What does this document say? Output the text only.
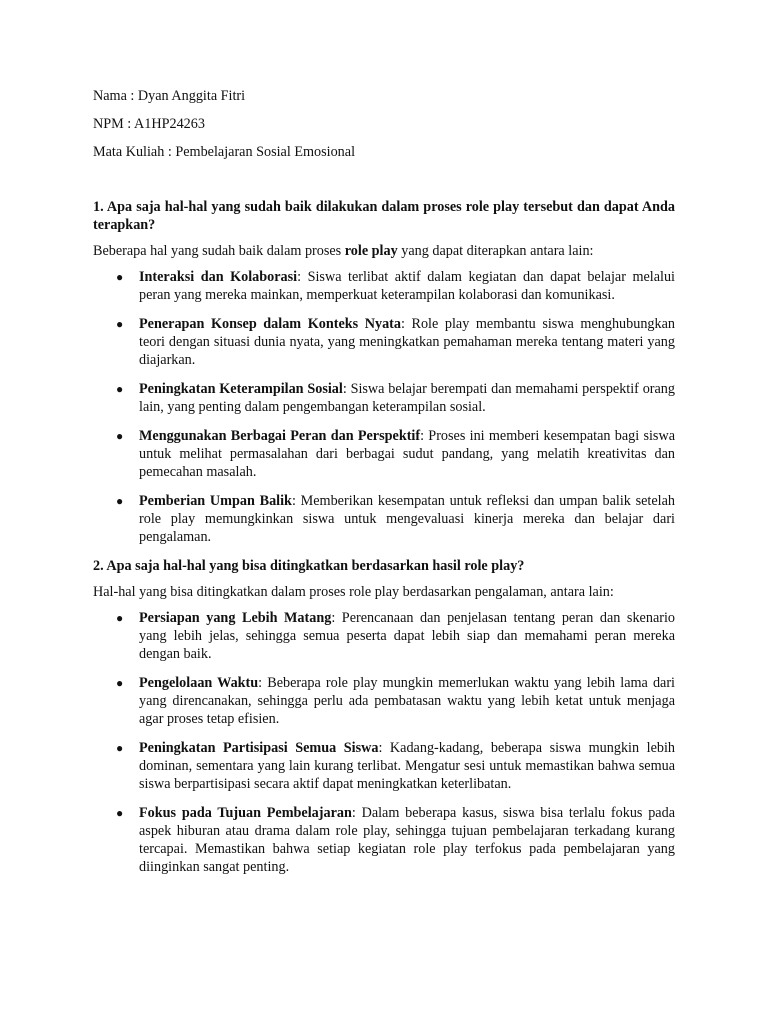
Nama : Dyan Anggita Fitri

NPM : A1HP24263

Mata Kuliah : Pembelajaran Sosial Emosional

1. Apa saja hal-hal yang sudah baik dilakukan dalam proses role play tersebut dan dapat Anda terapkan?

Beberapa hal yang sudah baik dalam proses role play yang dapat diterapkan antara lain:

● Interaksi dan Kolaborasi: Siswa terlibat aktif dalam kegiatan dan dapat belajar melalui peran yang mereka mainkan, memperkuat keterampilan kolaborasi dan komunikasi.
● Penerapan Konsep dalam Konteks Nyata: Role play membantu siswa menghubungkan teori dengan situasi dunia nyata, yang meningkatkan pemahaman mereka tentang materi yang diajarkan.
● Peningkatan Keterampilan Sosial: Siswa belajar berempati dan memahami perspektif orang lain, yang penting dalam pengembangan keterampilan sosial.
● Menggunakan Berbagai Peran dan Perspektif: Proses ini memberi kesempatan bagi siswa untuk melihat permasalahan dari berbagai sudut pandang, yang melatih kreativitas dan pemecahan masalah.
● Pemberian Umpan Balik: Memberikan kesempatan untuk refleksi dan umpan balik setelah role play memungkinkan siswa untuk mengevaluasi kinerja mereka dan belajar dari pengalaman.
2. Apa saja hal-hal yang bisa ditingkatkan berdasarkan hasil role play?

Hal-hal yang bisa ditingkatkan dalam proses role play berdasarkan pengalaman, antara lain:

● Persiapan yang Lebih Matang: Perencanaan dan penjelasan tentang peran dan skenario yang lebih jelas, sehingga semua peserta dapat lebih siap dan memahami peran mereka dengan baik.
● Pengelolaan Waktu: Beberapa role play mungkin memerlukan waktu yang lebih lama dari yang direncanakan, sehingga perlu ada pembatasan waktu yang lebih ketat untuk menjaga agar proses tetap efisien.
● Peningkatan Partisipasi Semua Siswa: Kadang-kadang, beberapa siswa mungkin lebih dominan, sementara yang lain kurang terlibat. Mengatur sesi untuk memastikan bahwa semua siswa berpartisipasi secara aktif dapat meningkatkan keterlibatan.
● Fokus pada Tujuan Pembelajaran: Dalam beberapa kasus, siswa bisa terlalu fokus pada aspek hiburan atau drama dalam role play, sehingga tujuan pembelajaran terkadang kurang tercapai. Memastikan bahwa setiap kegiatan role play terfokus pada pembelajaran yang diinginkan sangat penting.
